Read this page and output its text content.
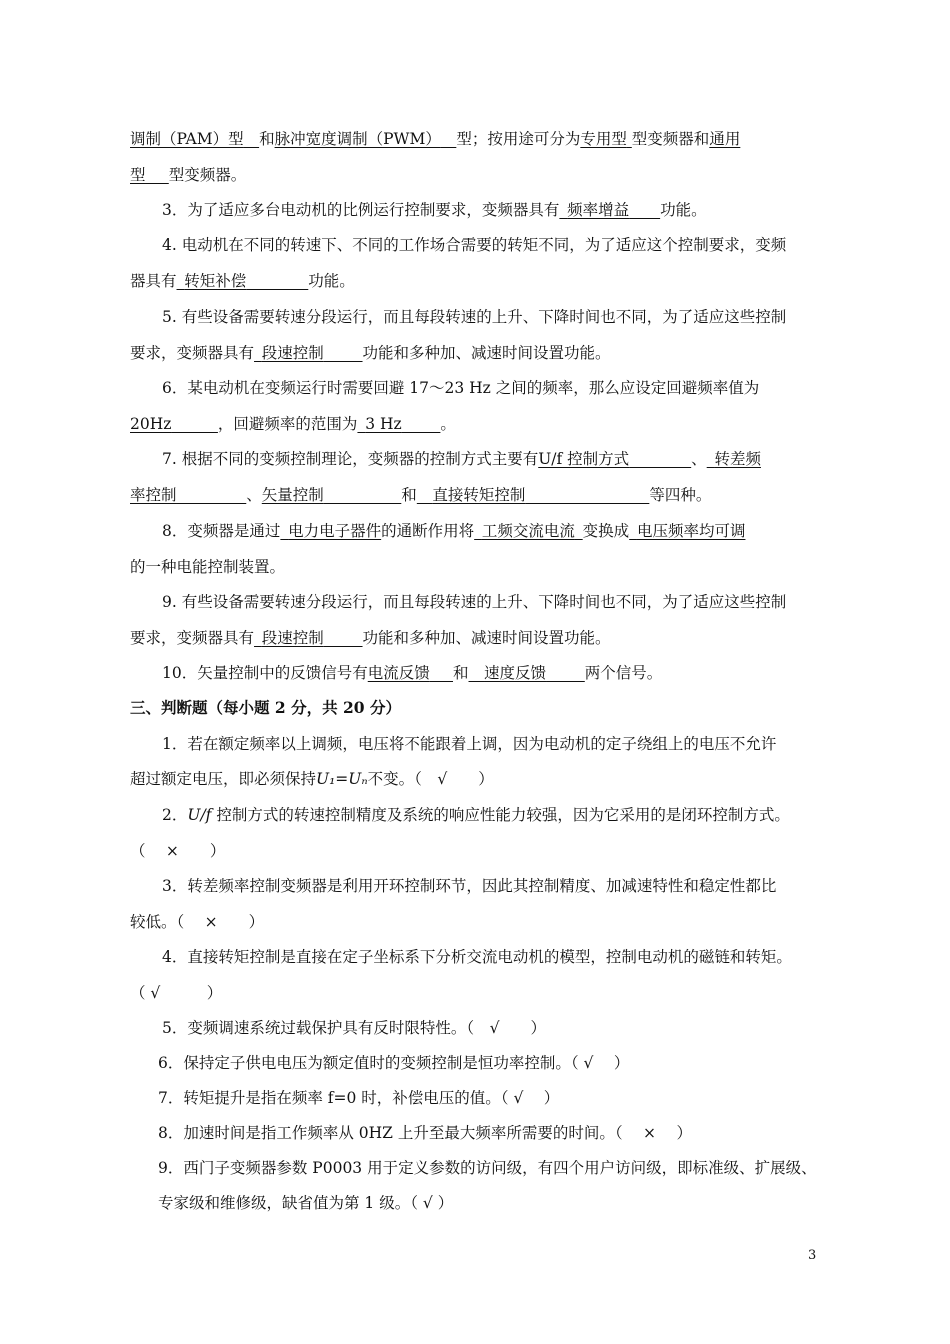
调制（PAM）型  和脉冲宽度调制（PWM）  型；按用途可分为专用型 型变频器和通用
型   型变频器。
3．为了适应多台电动机的比例运行控制要求，变频器具有  频率增益   功能。
4. 电动机在不同的转速下、不同的工作场合需要的转矩不同，为了适应这个控制要求，变频
器具有  转矩补偿    	功能。
5. 有些设备需要转速分段运行，而且每段转速的上升、下降时间也不同，为了适应这些控制
要求，变频器具有  段速控制   	功能和多种加、减速时间设置功能。
6．某电动机在变频运行时需要回避 17～23 Hz 之间的频率，那么应设定回避频率值为
20Hz   	，回避频率的范围为  3 Hz   	。
7. 根据不同的变频控制理论，变频器的控制方式主要有U/f 控制方式    	、  转差频
率控制     	、矢量控制     	和  直接转矩控制        	等四种。
8．变频器是通过  电力电子器件的通断作用将  工频交流电流  变换成  电压频率均可调
的一种电能控制装置。
9. 有些设备需要转速分段运行，而且每段转速的上升、下降时间也不同，为了适应这些控制
要求，变频器具有  段速控制   	功能和多种加、减速时间设置功能。
10．矢量控制中的反馈信号有电流反馈   和  速度反馈   	两个信号。
三、判断题（每小题 2 分，共 20 分）
1．若在额定频率以上调频，电压将不能跟着上调，因为电动机的定子绕组上的电压不允许
超过额定电压，即必须保持U₁=Uₙ不变。（　√　　）
2．U/f 控制方式的转速控制精度及系统的响应性能力较强，因为它采用的是闭环控制方式。
（　 ×　　）
3．转差频率控制变频器是利用开环控制环节，因此其控制精度、加减速特性和稳定性都比
较低。（　 ×　　）
4．直接转矩控制是直接在定子坐标系下分析交流电动机的模型，控制电动机的磁链和转矩。
（ √　　　）
5．变频调速系统过载保护具有反时限特性。（　√　　）
6．保持定子供电电压为额定值时的变频控制是恒功率控制。（ √　 ）
7．转矩提升是指在频率 f=0 时，补偿电压的值。（ √　 ）
8．加速时间是指工作频率从 0HZ 上升至最大频率所需要的时间。（　 ×　 ）
9．西门子变频器参数 P0003 用于定义参数的访问级，有四个用户访问级，即标准级、扩展级、
专家级和维修级，缺省值为第 1 级。（ √ ）
3
